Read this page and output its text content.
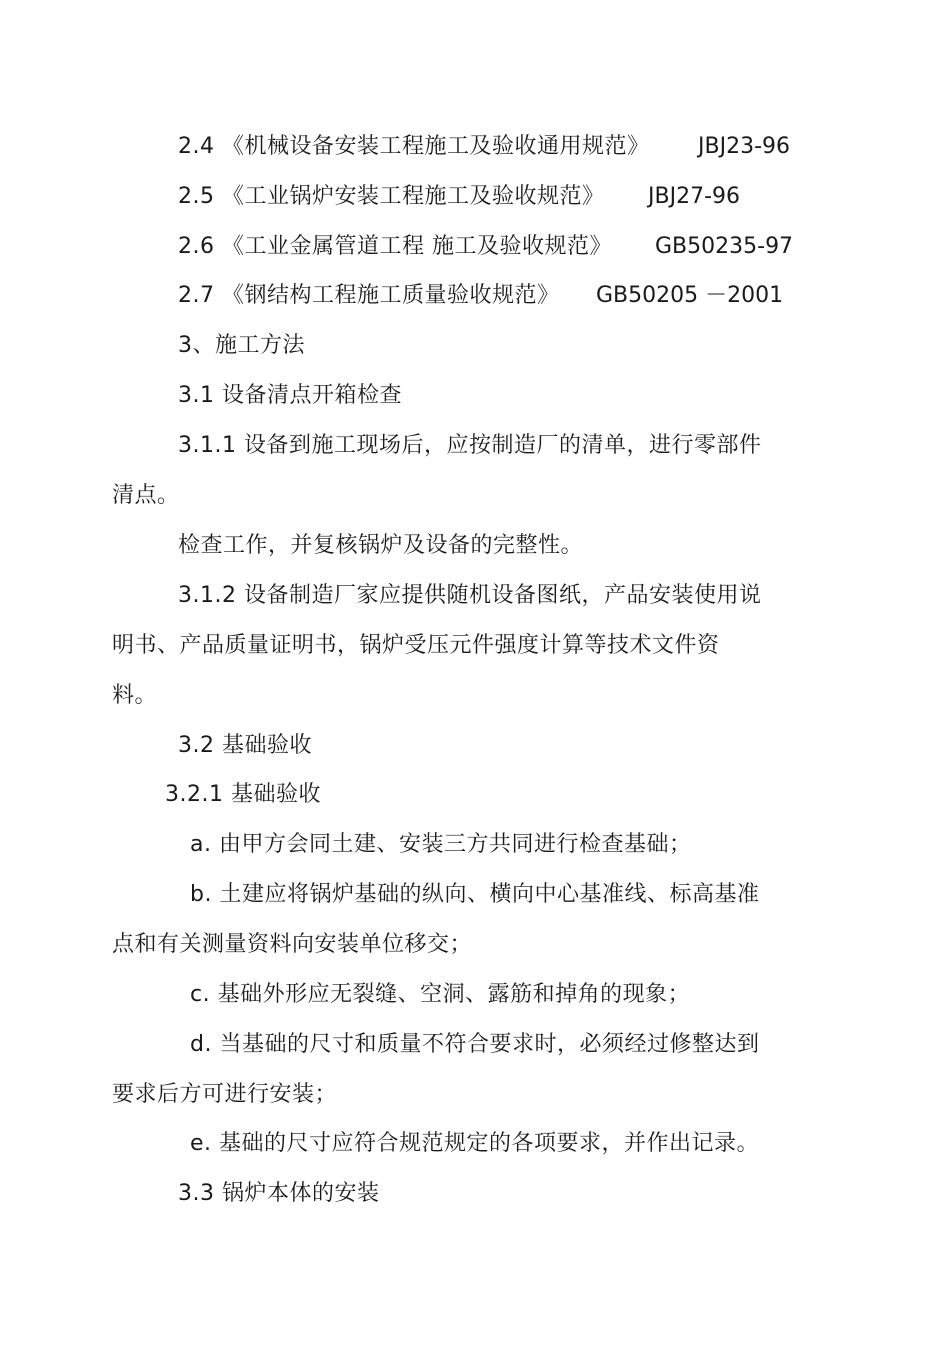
2.4 《机械设备安装工程施工及验收通用规范》 JBJ23-96
2.5 《工业锅炉安装工程施工及验收规范》 JBJ27-96
2.6 《工业金属管道工程 施工及验收规范》 GB50235-97
2.7 《钢结构工程施工质量验收规范》 GB50205 －2001
3、施工方法
3.1 设备清点开箱检查
3.1.1 设备到施工现场后，应按制造厂的清单，进行零部件
清点。
检查工作，并复核锅炉及设备的完整性。
3.1.2 设备制造厂家应提供随机设备图纸，产品安装使用说
明书、产品质量证明书，锅炉受压元件强度计算等技术文件资
料。
3.2 基础验收
3.2.1 基础验收
a. 由甲方会同土建、安装三方共同进行检查基础；
b. 土建应将锅炉基础的纵向、横向中心基准线、标高基准
点和有关测量资料向安装单位移交；
c. 基础外形应无裂缝、空洞、露筋和掉角的现象；
d. 当基础的尺寸和质量不符合要求时，必须经过修整达到
要求后方可进行安装；
e. 基础的尺寸应符合规范规定的各项要求，并作出记录。
3.3 锅炉本体的安装
